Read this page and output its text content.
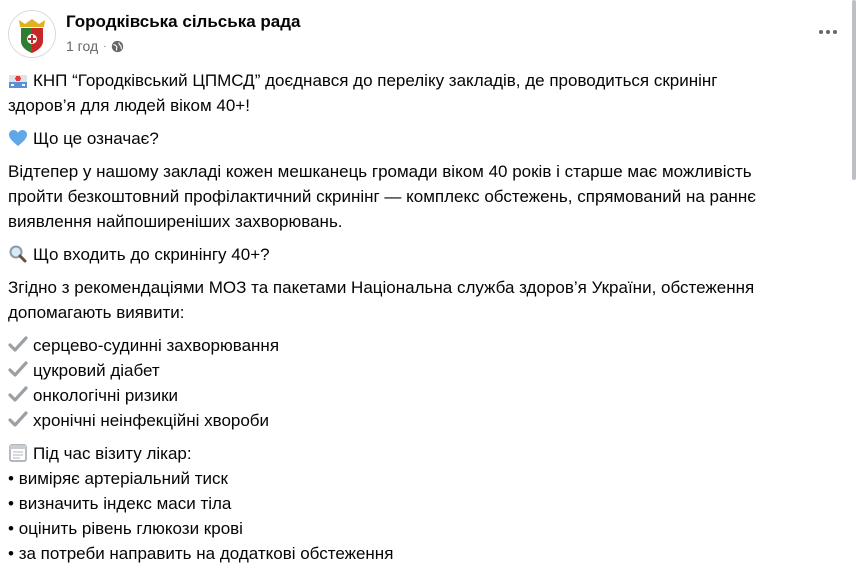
Городківська сільська рада
1 год ·
КНП “Городківський ЦПМСД” доєднався до переліку закладів, де проводиться скринінг
здоров’я для людей віком 40+!
Що це означає?
Відтепер у нашому закладі кожен мешканець громади віком 40 років і старше має можливість
пройти безкоштовний профілактичний скринінг — комплекс обстежень, спрямований на раннє
виявлення найпоширеніших захворювань.
Що входить до скринінгу 40+?
Згідно з рекомендаціями МОЗ та пакетами Національна служба здоров’я України, обстеження
допомагають виявити:
серцево-судинні захворювання
цукровий діабет
онкологічні ризики
хронічні неінфекційні хвороби
Під час візиту лікар:
• виміряє артеріальний тиск
• визначить індекс маси тіла
• оцінить рівень глюкози крові
• за потреби направить на додаткові обстеження
